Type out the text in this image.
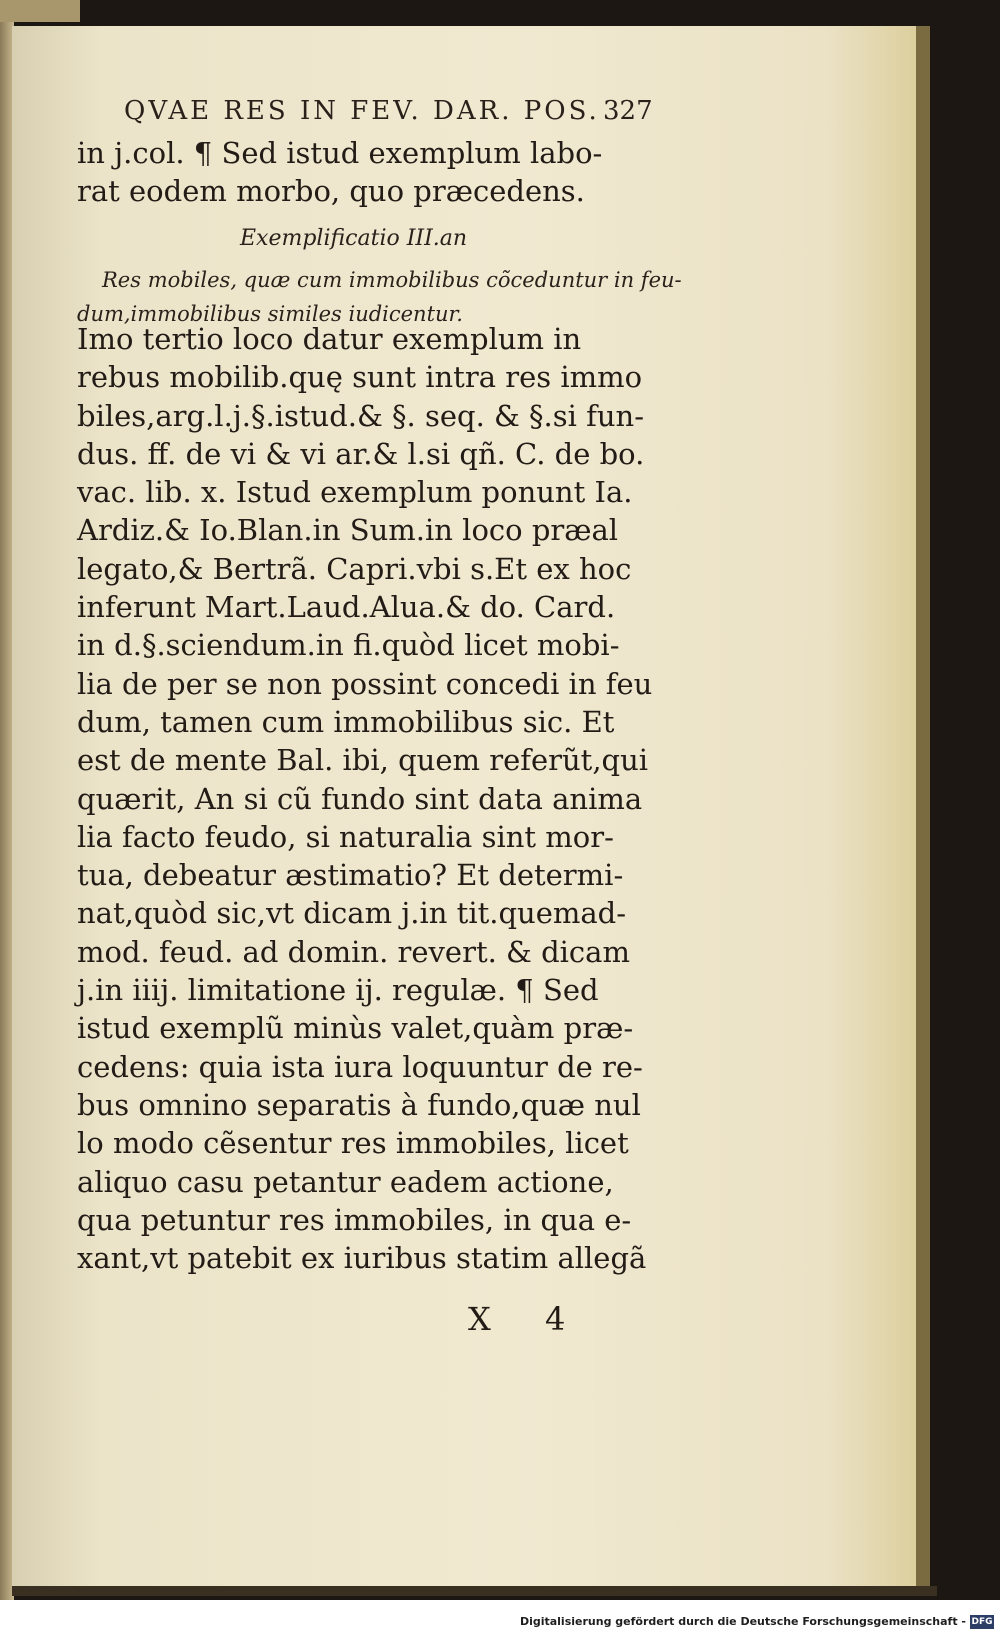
QVAE RES IN FEV. DAR. POS. 327
in j.col. ¶ Sed istud exemplum labo-
rat eodem morbo, quo præcedens.
Exemplificatio III.an
Res mobiles, quæ cum immobilibus cõceduntur in feu-
dum,immobilibus similes iudicentur.
Imo tertio loco datur exemplum in
rebus mobilib.quę sunt intra res immo
biles,arg.l.j.§.istud.& §. seq. & §.si fun-
dus. ff. de vi & vi ar.& l.si qñ. C. de bo.
vac. lib. x. Istud exemplum ponunt Ia.
Ardiz.& Io.Blan.in Sum.in loco præal
legato,& Bertrã. Capri.vbi s.Et ex hoc
inferunt Mart.Laud.Alua.& do. Card.
in d.§.sciendum.in fi.quòd licet mobi-
lia de per se non possint concedi in feu
dum, tamen cum immobilibus sic. Et
est de mente Bal. ibi, quem referũt,qui
quærit, An si cũ fundo sint data anima
lia facto feudo, si naturalia sint mor-
tua, debeatur æstimatio? Et determi-
nat,quòd sic,vt dicam j.in tit.quemad-
mod. feud. ad domin. revert. & dicam
j.in iiij. limitatione ij. regulæ. ¶ Sed
istud exemplũ minùs valet,quàm præ-
cedens: quia ista iura loquuntur de re-
bus omnino separatis à fundo,quæ nul
lo modo cẽsentur res immobiles, licet
aliquo casu petantur eadem actione,
qua petuntur res immobiles, in qua e-
xant,vt patebit ex iuribus statim allegã
X 4
Digitalisierung gefördert durch die Deutsche Forschungsgemeinschaft - DFG
